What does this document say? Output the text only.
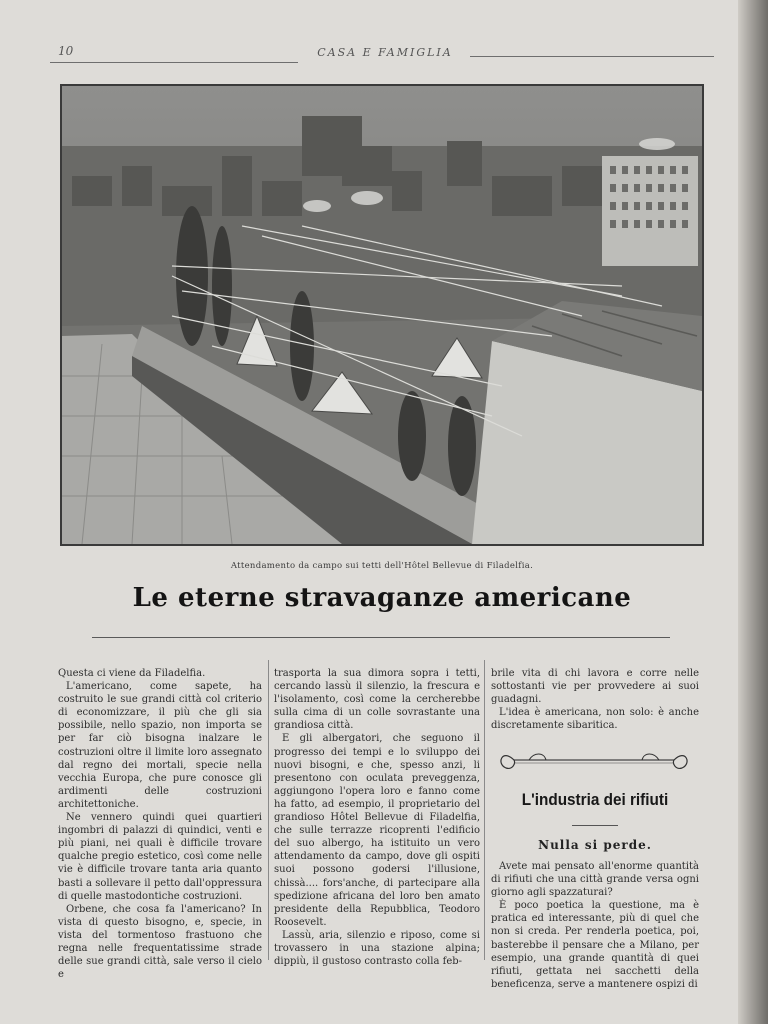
10	CASA E FAMIGLIA
Attendamento da campo sui tetti dell'Hôtel Bellevue di Filadelfia.
Le eterne stravaganze americane

Questa ci viene da Filadelfia.

L'americano, come sapete, ha costruito le sue grandi città col criterio di economizzare, il più che gli sia possibile, nello spazio, non importa se per far ciò bisogna inalzare le costruzioni oltre il limite loro assegnato dal regno dei mortali, specie nella vecchia Europa, che pure conosce gli ardimenti delle costruzioni architettoniche.

Ne vennero quindi quei quartieri ingombri di palazzi di quindici, venti e più piani, nei quali è difficile trovare qualche pregio estetico, così come nelle vie è difficile trovare tanta aria quanto basti a sollevare il petto dall'oppressura di quelle mastodontiche costruzioni.

Orbene, che cosa fa l'americano? In vista di questo bisogno, e, specie, in vista del tormentoso frastuono che regna nelle frequentatissime strade delle sue grandi città, sale verso il cielo e

trasporta la sua dimora sopra i tetti, cercando lassù il silenzio, la frescura e l'isolamento, così come la cercherebbe sulla cima di un colle sovrastante una grandiosa città.

E gli albergatori, che seguono il progresso dei tempi e lo sviluppo dei nuovi bisogni, e che, spesso anzi, li presentono con oculata preveggenza, aggiungono l'opera loro e fanno come ha fatto, ad esempio, il proprietario del grandioso Hôtel Bellevue di Filadelfia, che sulle terrazze ricoprenti l'edificio del suo albergo, ha istituito un vero attendamento da campo, dove gli ospiti suoi possono godersi l'illusione, chissà.... fors'anche, di partecipare alla spedizione africana del loro ben amato presidente della Repubblica, Teodoro Roosevelt.

Lassù, aria, silenzio e riposo, come si trovassero in una stazione alpina; dippiù, il gustoso contrasto colla feb-

brile vita di chi lavora e corre nelle sottostanti vie per provvedere ai suoi guadagni.

L'idea è americana, non solo: è anche discretamente sibaritica.

L'industria dei rifiuti
Nulla si perde.

Avete mai pensato all'enorme quantità di rifiuti che una città grande versa ogni giorno agli spazzaturai?

È poco poetica la questione, ma è pratica ed interessante, più di quel che non si creda. Per renderla poetica, poi, basterebbe il pensare che a Milano, per esempio, una grande quantità di quei rifiuti, gettata nei sacchetti della beneficenza, serve a mantenere ospizi di
